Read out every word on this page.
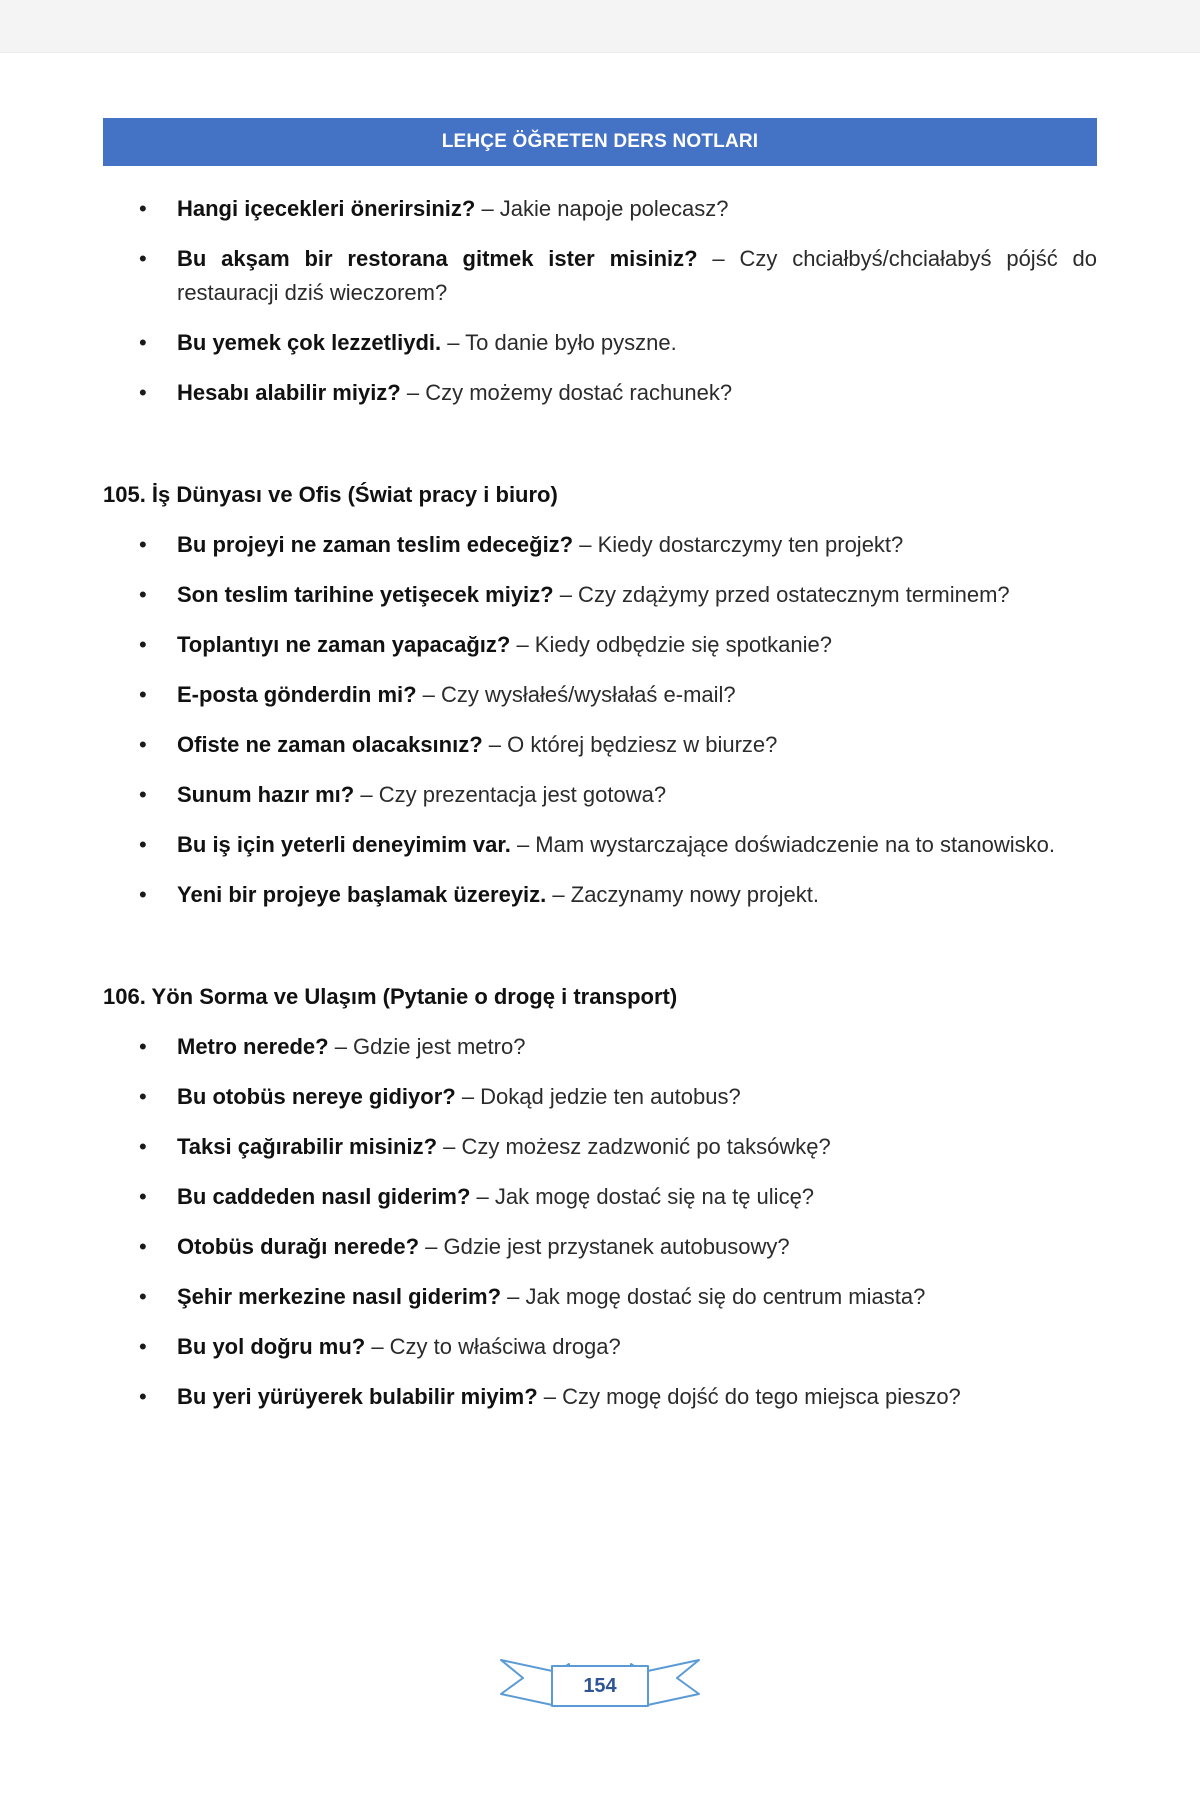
LEHÇE ÖĞRETEN DERS NOTLARI
• Hangi içecekleri önerirsiniz? – Jakie napoje polecasz?
• Bu akşam bir restorana gitmek ister misiniz? – Czy chciałbyś/chciałabyś pójść do restauracji dziś wieczorem?
• Bu yemek çok lezzetliydi. – To danie było pyszne.
• Hesabı alabilir miyiz? – Czy możemy dostać rachunek?
105. İş Dünyası ve Ofis (Świat pracy i biuro)
• Bu projeyi ne zaman teslim edeceğiz? – Kiedy dostarczymy ten projekt?
• Son teslim tarihine yetişecek miyiz? – Czy zdążymy przed ostatecznym terminem?
• Toplantıyı ne zaman yapacağız? – Kiedy odbędzie się spotkanie?
• E-posta gönderdin mi? – Czy wysłałeś/wysłałaś e-mail?
• Ofiste ne zaman olacaksınız? – O której będziesz w biurze?
• Sunum hazır mı? – Czy prezentacja jest gotowa?
• Bu iş için yeterli deneyimim var. – Mam wystarczające doświadczenie na to stanowisko.
• Yeni bir projeye başlamak üzereyiz. – Zaczynamy nowy projekt.
106. Yön Sorma ve Ulaşım (Pytanie o drogę i transport)
• Metro nerede? – Gdzie jest metro?
• Bu otobüs nereye gidiyor? – Dokąd jedzie ten autobus?
• Taksi çağırabilir misiniz? – Czy możesz zadzwonić po taksówkę?
• Bu caddeden nasıl giderim? – Jak mogę dostać się na tę ulicę?
• Otobüs durağı nerede? – Gdzie jest przystanek autobusowy?
• Şehir merkezine nasıl giderim? – Jak mogę dostać się do centrum miasta?
• Bu yol doğru mu? – Czy to właściwa droga?
• Bu yeri yürüyerek bulabilir miyim? – Czy mogę dojść do tego miejsca pieszo?
154
